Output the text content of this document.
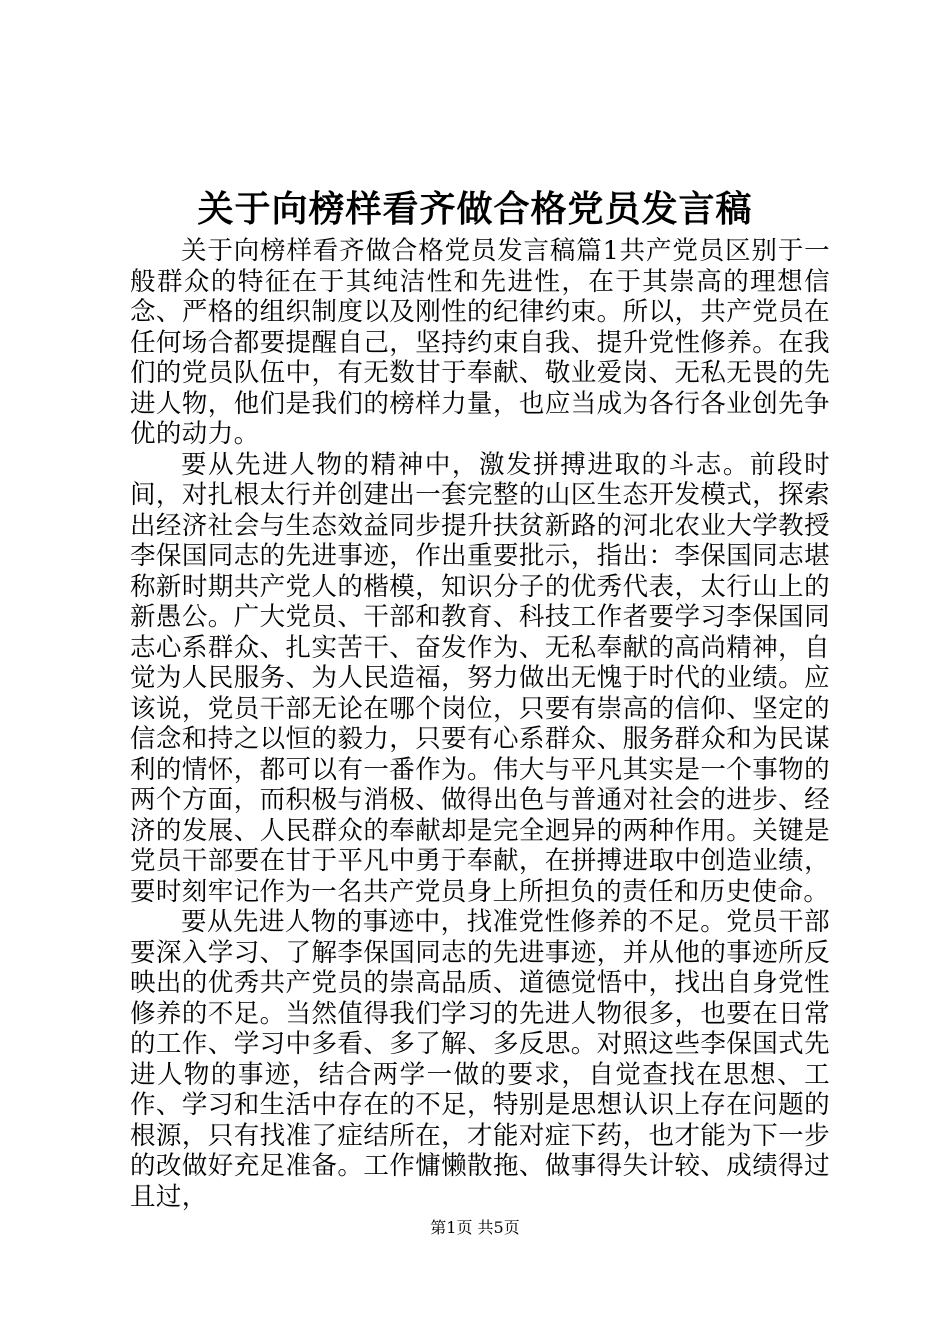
关于向榜样看齐做合格党员发言稿

关于向榜样看齐做合格党员发言稿篇1共产党员区别于一般群众的特征在于其纯洁性和先进性，在于其崇高的理想信念、严格的组织制度以及刚性的纪律约束。所以，共产党员在任何场合都要提醒自己，坚持约束自我、提升党性修养。在我们的党员队伍中，有无数甘于奉献、敬业爱岗、无私无畏的先进人物，他们是我们的榜样力量，也应当成为各行各业创先争优的动力。

要从先进人物的精神中，激发拼搏进取的斗志。前段时间，对扎根太行并创建出一套完整的山区生态开发模式，探索出经济社会与生态效益同步提升扶贫新路的河北农业大学教授李保国同志的先进事迹，作出重要批示，指出：李保国同志堪称新时期共产党人的楷模，知识分子的优秀代表，太行山上的新愚公。广大党员、干部和教育、科技工作者要学习李保国同志心系群众、扎实苦干、奋发作为、无私奉献的高尚精神，自觉为人民服务、为人民造福，努力做出无愧于时代的业绩。应该说，党员干部无论在哪个岗位，只要有崇高的信仰、坚定的信念和持之以恒的毅力，只要有心系群众、服务群众和为民谋利的情怀，都可以有一番作为。伟大与平凡其实是一个事物的两个方面，而积极与消极、做得出色与普通对社会的进步、经济的发展、人民群众的奉献却是完全迥异的两种作用。关键是党员干部要在甘于平凡中勇于奉献，在拼搏进取中创造业绩，要时刻牢记作为一名共产党员身上所担负的责任和历史使命。

要从先进人物的事迹中，找准党性修养的不足。党员干部要深入学习、了解李保国同志的先进事迹，并从他的事迹所反映出的优秀共产党员的崇高品质、道德觉悟中，找出自身党性修养的不足。当然值得我们学习的先进人物很多，也要在日常的工作、学习中多看、多了解、多反思。对照这些李保国式先进人物的事迹，结合两学一做的要求，自觉查找在思想、工作、学习和生活中存在的不足，特别是思想认识上存在问题的根源，只有找准了症结所在，才能对症下药，也才能为下一步的改做好充足准备。工作慵懒散拖、做事得失计较、成绩得过且过，

第1页 共5页
